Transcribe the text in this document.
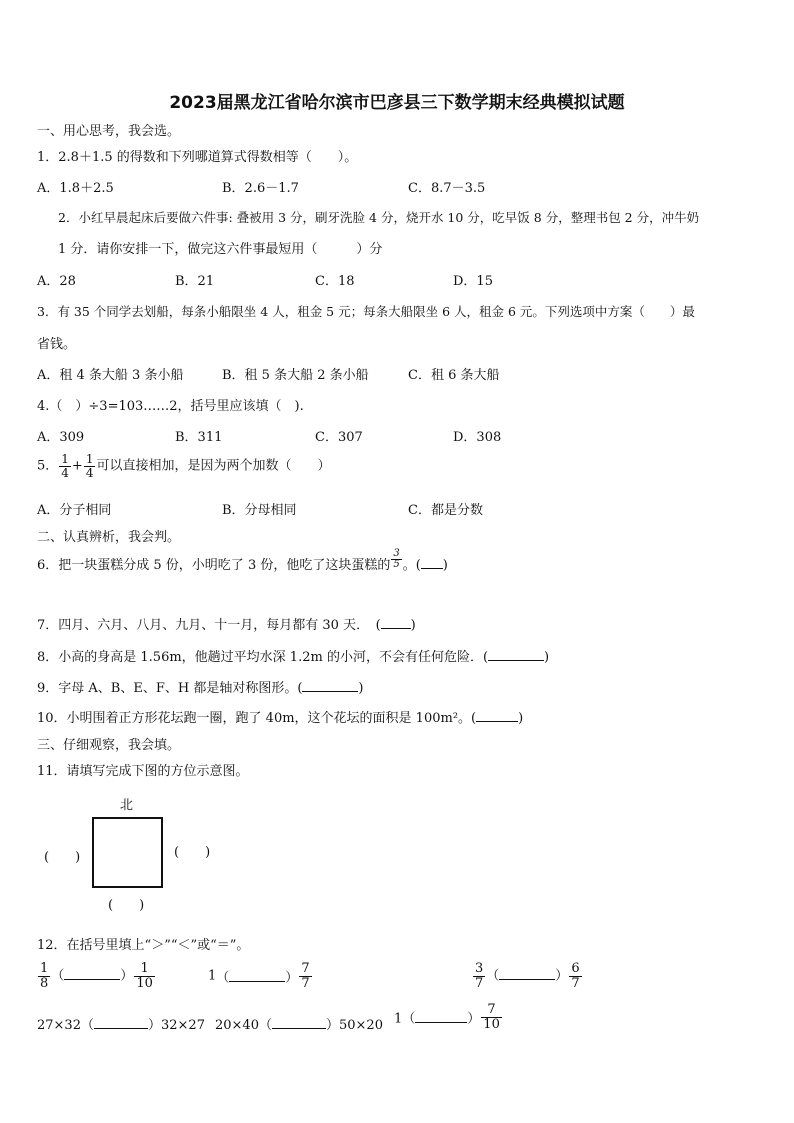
2023届黑龙江省哈尔滨市巴彦县三下数学期末经典模拟试题
一、用心思考，我会选。
1．2.8＋1.5 的得数和下列哪道算式得数相等（　　）。
A．1.8＋2.5	B．2.6－1.7	C．8.7－3.5
2．小红早晨起床后要做六件事: 叠被用 3 分，刷牙洗脸 4 分，烧开水 10 分，吃早饭 8 分，整理书包 2 分，冲牛奶
1 分．请你安排一下，做完这六件事最短用（　　　）分
A．28	B．21	C．18	D．15
3．有 35 个同学去划船，每条小船限坐 4 人，租金 5 元；每条大船限坐 6 人，租金 6 元。下列选项中方案（　　）最
省钱。
A．租 4 条大船 3 条小船	B．租 5 条大船 2 条小船	C．租 6 条大船
4.（　）÷3=103……2，括号里应该填（　).
A．309	B．311	C．307	D．308
5． $\frac{1}{4} + \frac{1}{4}$ 可以直接相加，是因为两个加数（　　）
A．分子相同	B．分母相同	C．都是分数
二、认真辨析，我会判。
6．把一块蛋糕分成 5 份，小明吃了 3 份，他吃了这块蛋糕的 $\frac{3}{5}$ 。( )
7．四月、六月、八月、九月、十一月，每月都有 30 天．　( )
8．小高的身高是 1.56m，他趟过平均水深 1.2m 的小河，不会有任何危险．(	)
9．字母 A、B、E、F、H 都是轴对称图形。(	)
10．小明围着正方形花坛跑一圈，跑了 40m，这个花坛的面积是 100m²。(	)
三、仔细观察，我会填。
11．请填写完成下图的方位示意图。
北
(　　)	(　　)
(　　)
12．在括号里填上“＞”“＜”或“＝”。
$\frac{1}{8}$ （	） $\frac{1}{10}$	1（	） $\frac{7}{7}$	$\frac{3}{7}$ （	） $\frac{6}{7}$
27×32（	）32×27 20×40（	）50×20 1（	） $\frac{7}{10}$
